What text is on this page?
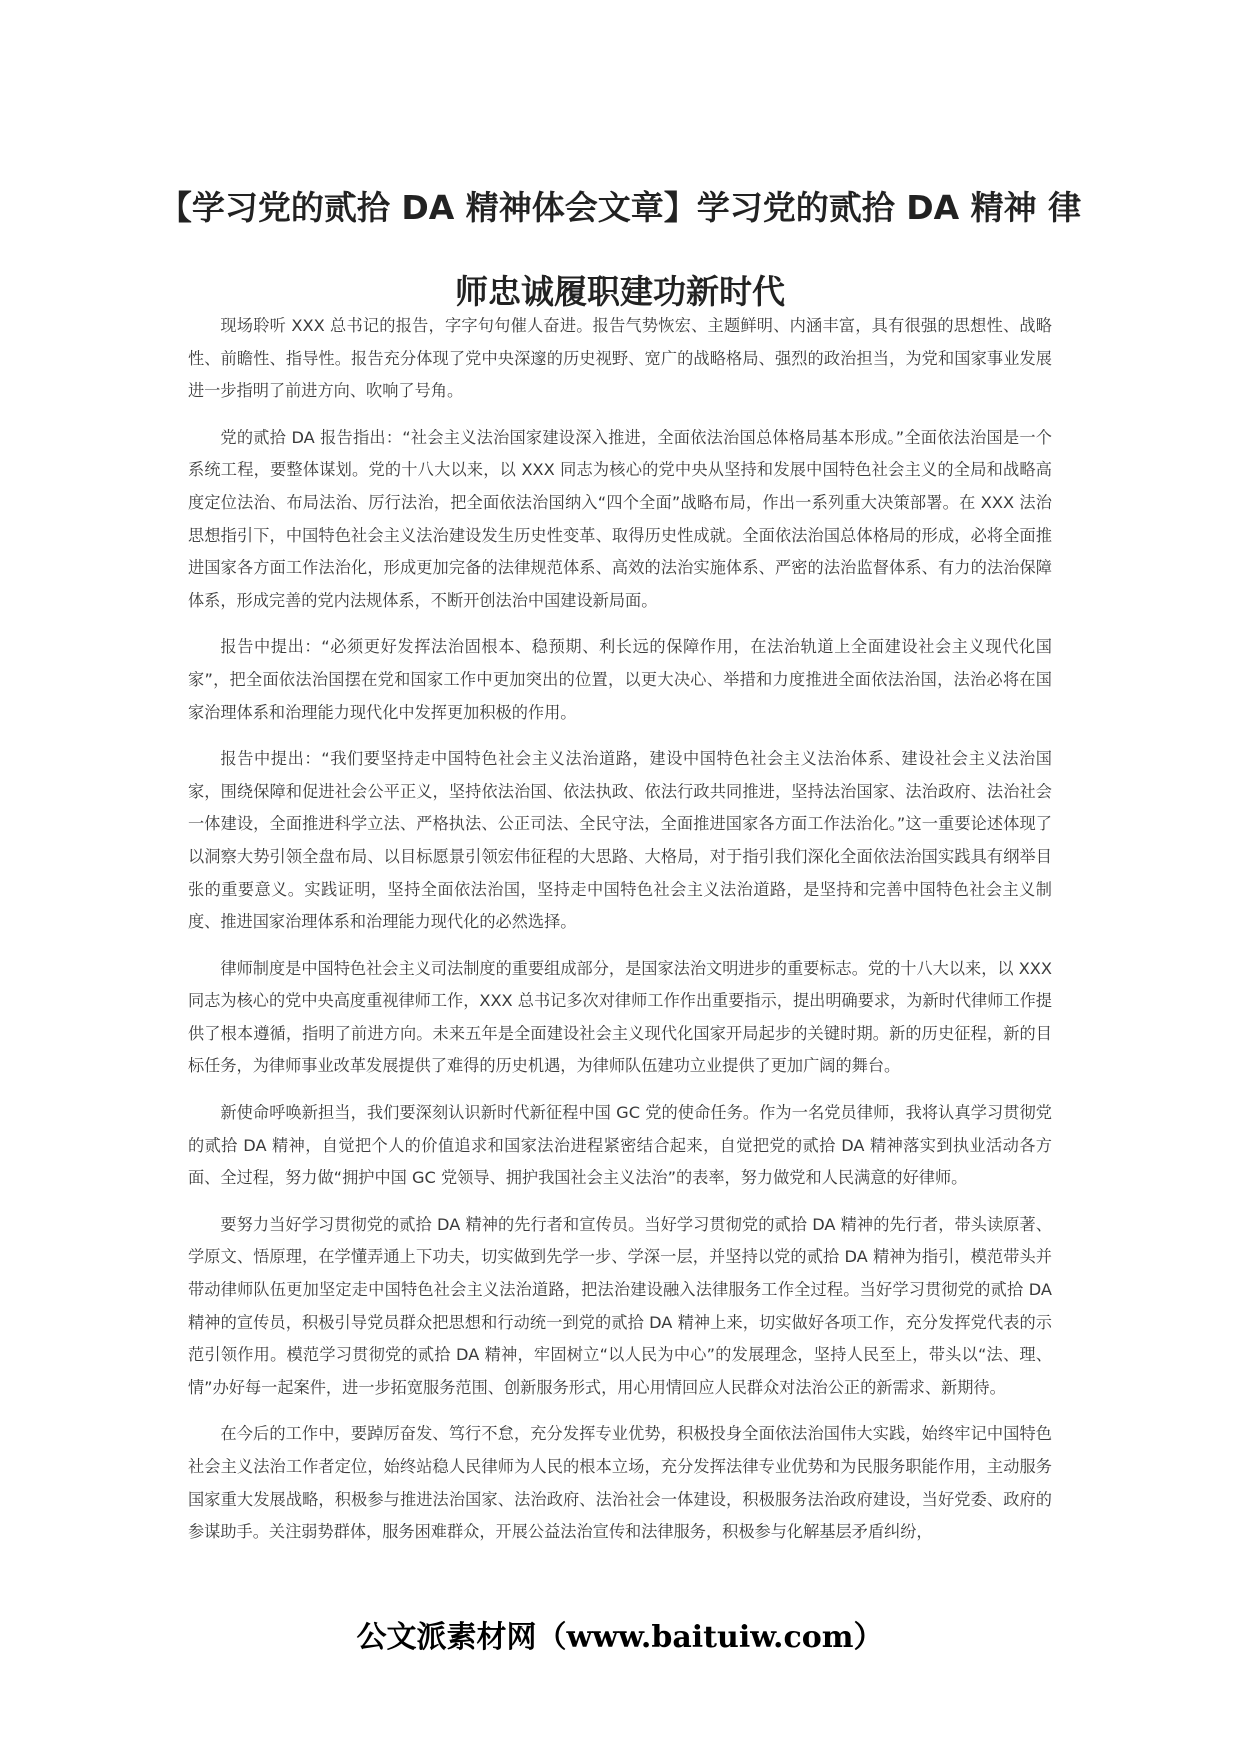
【学习党的贰拾 DA 精神体会文章】学习党的贰拾 DA 精神 律师忠诚履职建功新时代

现场聆听 XXX 总书记的报告，字字句句催人奋进。报告气势恢宏、主题鲜明、内涵丰富，具有很强的思想性、战略性、前瞻性、指导性。报告充分体现了党中央深邃的历史视野、宽广的战略格局、强烈的政治担当，为党和国家事业发展进一步指明了前进方向、吹响了号角。

党的贰拾 DA 报告指出：“社会主义法治国家建设深入推进，全面依法治国总体格局基本形成。”全面依法治国是一个系统工程，要整体谋划。党的十八大以来，以 XXX 同志为核心的党中央从坚持和发展中国特色社会主义的全局和战略高度定位法治、布局法治、厉行法治，把全面依法治国纳入“四个全面”战略布局，作出一系列重大决策部署。在 XXX 法治思想指引下，中国特色社会主义法治建设发生历史性变革、取得历史性成就。全面依法治国总体格局的形成，必将全面推进国家各方面工作法治化，形成更加完备的法律规范体系、高效的法治实施体系、严密的法治监督体系、有力的法治保障体系，形成完善的党内法规体系，不断开创法治中国建设新局面。

报告中提出：“必须更好发挥法治固根本、稳预期、利长远的保障作用，在法治轨道上全面建设社会主义现代化国家”，把全面依法治国摆在党和国家工作中更加突出的位置，以更大决心、举措和力度推进全面依法治国，法治必将在国家治理体系和治理能力现代化中发挥更加积极的作用。

报告中提出：“我们要坚持走中国特色社会主义法治道路，建设中国特色社会主义法治体系、建设社会主义法治国家，围绕保障和促进社会公平正义，坚持依法治国、依法执政、依法行政共同推进，坚持法治国家、法治政府、法治社会一体建设，全面推进科学立法、严格执法、公正司法、全民守法，全面推进国家各方面工作法治化。”这一重要论述体现了以洞察大势引领全盘布局、以目标愿景引领宏伟征程的大思路、大格局，对于指引我们深化全面依法治国实践具有纲举目张的重要意义。实践证明，坚持全面依法治国，坚持走中国特色社会主义法治道路，是坚持和完善中国特色社会主义制度、推进国家治理体系和治理能力现代化的必然选择。

律师制度是中国特色社会主义司法制度的重要组成部分，是国家法治文明进步的重要标志。党的十八大以来，以 XXX 同志为核心的党中央高度重视律师工作，XXX 总书记多次对律师工作作出重要指示，提出明确要求，为新时代律师工作提供了根本遵循，指明了前进方向。未来五年是全面建设社会主义现代化国家开局起步的关键时期。新的历史征程，新的目标任务，为律师事业改革发展提供了难得的历史机遇，为律师队伍建功立业提供了更加广阔的舞台。

新使命呼唤新担当，我们要深刻认识新时代新征程中国 GC 党的使命任务。作为一名党员律师，我将认真学习贯彻党的贰拾 DA 精神，自觉把个人的价值追求和国家法治进程紧密结合起来，自觉把党的贰拾 DA 精神落实到执业活动各方面、全过程，努力做“拥护中国 GC 党领导、拥护我国社会主义法治”的表率，努力做党和人民满意的好律师。

要努力当好学习贯彻党的贰拾 DA 精神的先行者和宣传员。当好学习贯彻党的贰拾 DA 精神的先行者，带头读原著、学原文、悟原理，在学懂弄通上下功夫，切实做到先学一步、学深一层，并坚持以党的贰拾 DA 精神为指引，模范带头并带动律师队伍更加坚定走中国特色社会主义法治道路，把法治建设融入法律服务工作全过程。当好学习贯彻党的贰拾 DA 精神的宣传员，积极引导党员群众把思想和行动统一到党的贰拾 DA 精神上来，切实做好各项工作，充分发挥党代表的示范引领作用。模范学习贯彻党的贰拾 DA 精神，牢固树立“以人民为中心”的发展理念，坚持人民至上，带头以“法、理、情”办好每一起案件，进一步拓宽服务范围、创新服务形式，用心用情回应人民群众对法治公正的新需求、新期待。

在今后的工作中，要踔厉奋发、笃行不怠，充分发挥专业优势，积极投身全面依法治国伟大实践，始终牢记中国特色社会主义法治工作者定位，始终站稳人民律师为人民的根本立场，充分发挥法律专业优势和为民服务职能作用，主动服务国家重大发展战略，积极参与推进法治国家、法治政府、法治社会一体建设，积极服务法治政府建设，当好党委、政府的参谋助手。关注弱势群体，服务困难群众，开展公益法治宣传和法律服务，积极参与化解基层矛盾纠纷，

公文派素材网（www.baituiw.com）
